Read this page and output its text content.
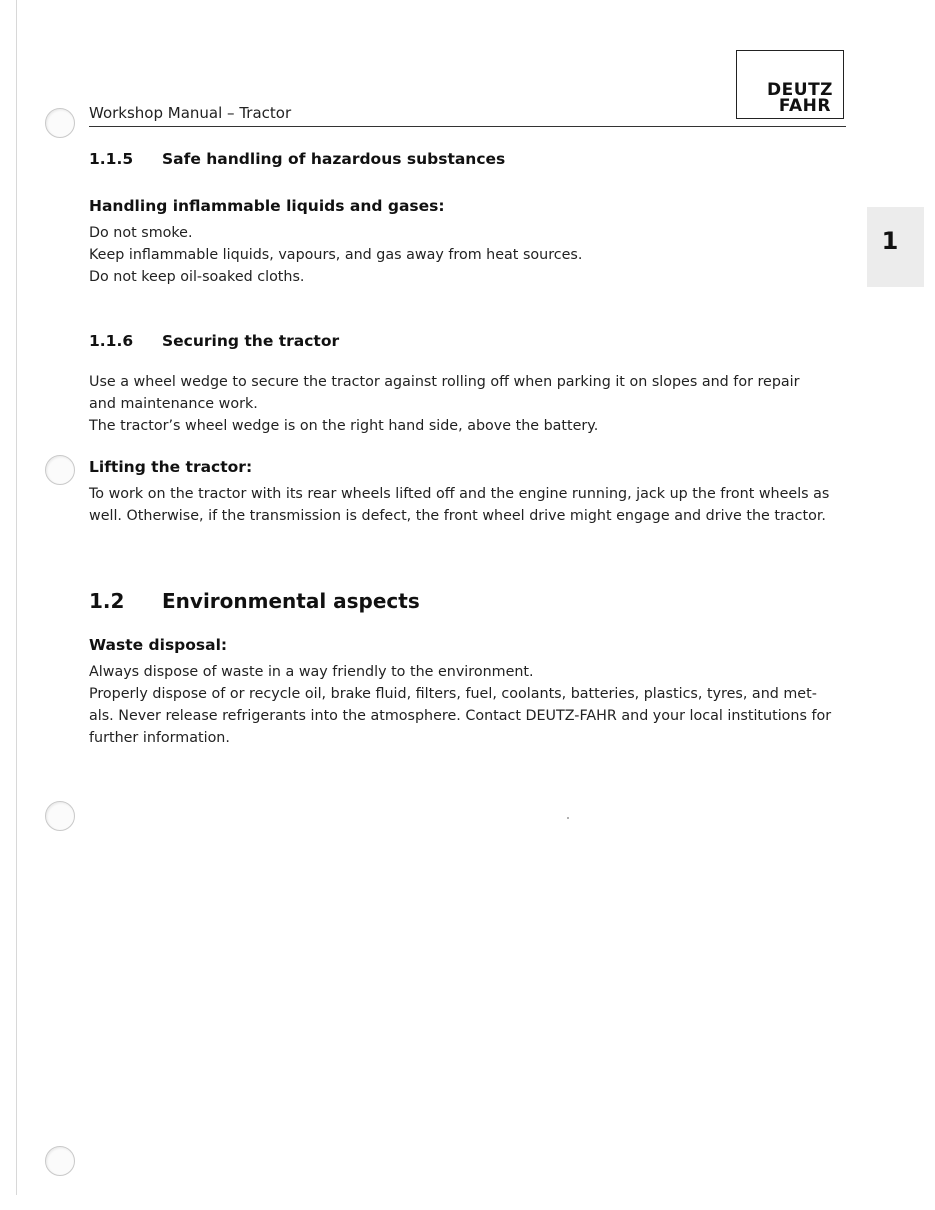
Workshop Manual – Tractor
DEUTZ
FAHR
1
1.1.5 Safe handling of hazardous substances
Handling inflammable liquids and gases:
Do not smoke.
Keep inflammable liquids, vapours, and gas away from heat sources.
Do not keep oil-soaked cloths.
1.1.6 Securing the tractor
Use a wheel wedge to secure the tractor against rolling off when parking it on slopes and for repair
and maintenance work.
The tractor’s wheel wedge is on the right hand side, above the battery.
Lifting the tractor:
To work on the tractor with its rear wheels lifted off and the engine running, jack up the front wheels as
well. Otherwise, if the transmission is defect, the front wheel drive might engage and drive the tractor.
1.2 Environmental aspects
Waste disposal:
Always dispose of waste in a way friendly to the environment.
Properly dispose of or recycle oil, brake fluid, filters, fuel, coolants, batteries, plastics, tyres, and met-
als. Never release refrigerants into the atmosphere. Contact DEUTZ-FAHR and your local institutions for
further information.
